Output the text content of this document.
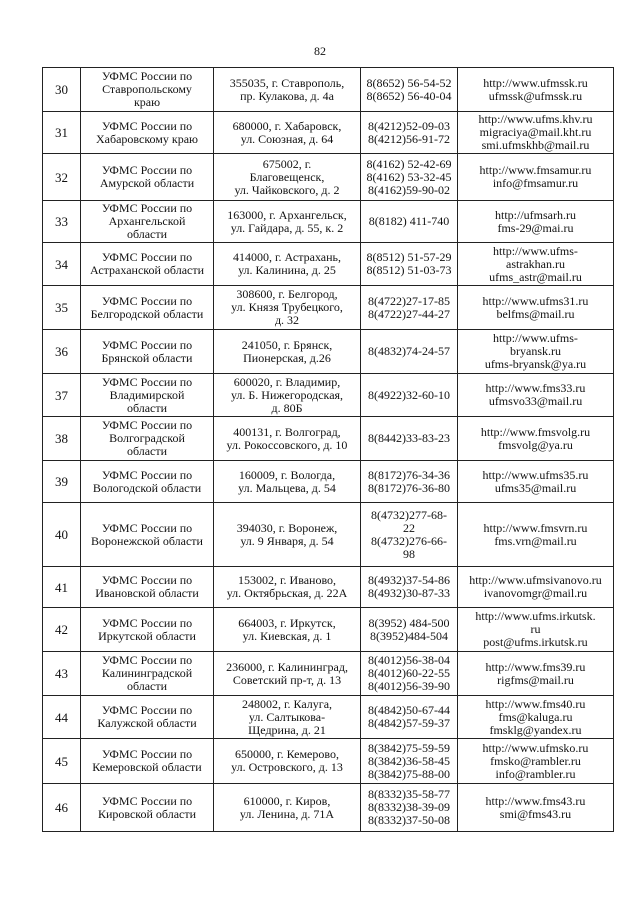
82
30	УФМС России по
Ставропольскому
краю	355035, г. Ставрополь,
пр. Кулакова, д. 4а	8(8652) 56-54-52
8(8652) 56-40-04	http://www.ufmssk.ru
ufmssk@ufmssk.ru

31	УФМС России по
Хабаровскому краю	680000, г. Хабаровск,
ул. Союзная, д. 64	8(4212)52-09-03
8(4212)56-91-72	http://www.ufms.khv.ru
migraciya@mail.kht.ru
smi.ufmskhb@mail.ru

32	УФМС России по
Амурской области	675002, г.
Благовещенск,
ул. Чайковского, д. 2	8(4162) 52-42-69
8(4162) 53-32-45
8(4162)59-90-02	http://www.fmsamur.ru
info@fmsamur.ru

33	УФМС России по
Архангельской
области	163000, г. Архангельск,
ул. Гайдара, д. 55, к. 2	8(8182) 411-740	http://ufmsarh.ru
fms-29@mai.ru

34	УФМС России по
Астраханской области	414000, г. Астрахань,
ул. Калинина, д. 25	8(8512) 51-57-29
8(8512) 51-03-73	http://www.ufms-
astrakhan.ru
ufms_astr@mail.ru

35	УФМС России по
Белгородской области	308600, г. Белгород,
ул. Князя Трубецкого,
д. 32	8(4722)27-17-85
8(4722)27-44-27	http://www.ufms31.ru
belfms@mail.ru

36	УФМС России по
Брянской области	241050, г. Брянск,
Пионерская, д.26	8(4832)74-24-57	http://www.ufms-
bryansk.ru
ufms-bryansk@ya.ru

37	УФМС России по
Владимирской
области	600020, г. Владимир,
ул. Б. Нижегородская,
д. 80Б	8(4922)32-60-10	http://www.fms33.ru
ufmsvo33@mail.ru

38	УФМС России по
Волгоградской
области	400131, г. Волгоград,
ул. Рокоссовского, д. 10	8(8442)33-83-23	http://www.fmsvolg.ru
fmsvolg@ya.ru

39	УФМС России по
Вологодской области	160009, г. Вологда,
ул. Мальцева, д. 54	8(8172)76-34-36
8(8172)76-36-80	http://www.ufms35.ru
ufms35@mail.ru

40	УФМС России по
Воронежской области	394030, г. Воронеж,
ул. 9 Января, д. 54	8(4732)277-68-
22
8(4732)276-66-
98	http://www.fmsvrn.ru
fms.vrn@mail.ru

41	УФМС России по
Ивановской области	153002, г. Иваново,
ул. Октябрьская, д. 22А	8(4932)37-54-86
8(4932)30-87-33	http://www.ufmsivanovo.ru
ivanovomgr@mail.ru

42	УФМС России по
Иркутской области	664003, г. Иркутск,
ул. Киевская, д. 1	8(3952) 484-500
8(3952)484-504	http://www.ufms.irkutsk.
ru
post@ufms.irkutsk.ru

43	УФМС России по
Калининградской
области	236000, г. Калининград,
Советский пр-т, д. 13	8(4012)56-38-04
8(4012)60-22-55
8(4012)56-39-90	http://www.fms39.ru
rigfms@mail.ru

44	УФМС России по
Калужской области	248002, г. Калуга,
ул. Салтыкова-
Щедрина, д. 21	8(4842)50-67-44
8(4842)57-59-37	http://www.fms40.ru
fms@kaluga.ru
fmsklg@yandex.ru

45	УФМС России по
Кемеровской области	650000, г. Кемерово,
ул. Островского, д. 13	8(3842)75-59-59
8(3842)36-58-45
8(3842)75-88-00	http://www.ufmsko.ru
fmsko@rambler.ru
info@rambler.ru

46	УФМС России по
Кировской области	610000, г. Киров,
ул. Ленина, д. 71А	8(8332)35-58-77
8(8332)38-39-09
8(8332)37-50-08	http://www.fms43.ru
smi@fms43.ru
